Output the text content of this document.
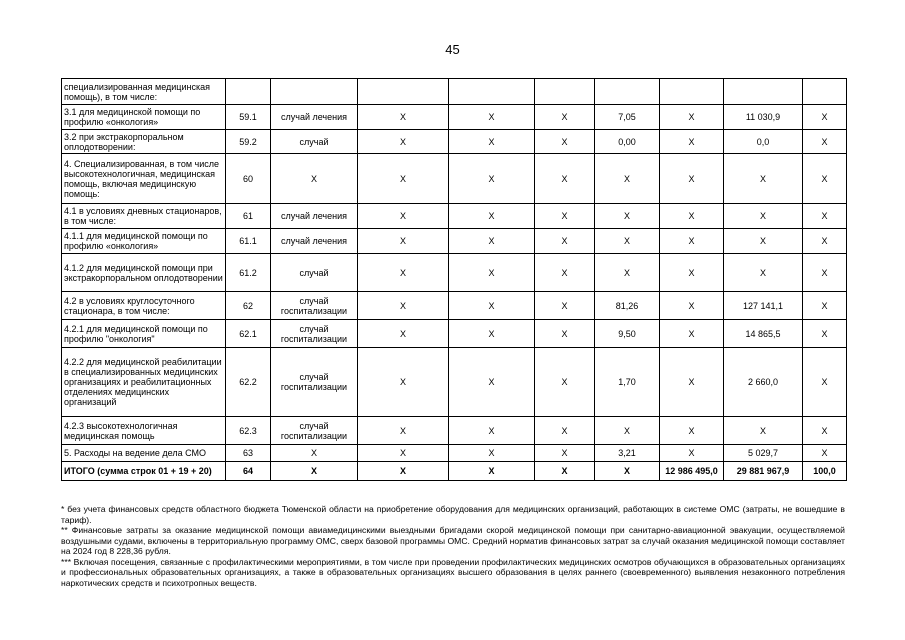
45
специализированная медицинская помощь), в том числе:									
3.1 для медицинской помощи по профилю «онкология»	59.1	случай лечения	Х	Х	Х	7,05	Х	11 030,9	Х
3.2 при экстракорпоральном оплодотворении:	59.2	случай	Х	Х	Х	0,00	Х	0,0	Х
4. Специализированная, в том числе высокотехнологичная, медицинская помощь, включая медицинскую помощь:	60	Х	Х	Х	Х	Х	Х	Х	Х
4.1 в условиях дневных стационаров, в том числе:	61	случай лечения	Х	Х	Х	Х	Х	Х	Х
4.1.1 для медицинской помощи по профилю «онкология»	61.1	случай лечения	Х	Х	Х	Х	Х	Х	Х
4.1.2 для медицинской помощи при экстракорпоральном оплодотворении	61.2	случай	Х	Х	Х	Х	Х	Х	Х
4.2 в условиях круглосуточного стационара, в том числе:	62	случай госпитализации	Х	Х	Х	81,26	Х	127 141,1	Х
4.2.1 для медицинской помощи по профилю "онкология"	62.1	случай госпитализации	Х	Х	Х	9,50	Х	14 865,5	Х
4.2.2 для медицинской реабилитации в специализированных медицинских организациях и реабилитационных отделениях медицинских организаций	62.2	случай госпитализации	Х	Х	Х	1,70	Х	2 660,0	Х
4.2.3 высокотехнологичная медицинская помощь	62.3	случай госпитализации	Х	Х	Х	Х	Х	Х	Х
5. Расходы на ведение дела СМО	63	Х	Х	Х	Х	3,21	Х	5 029,7	Х
ИТОГО (сумма строк 01 + 19 + 20)	64	Х	Х	Х	Х	Х	12 986 495,0	29 881 967,9	100,0

* без учета финансовых средств областного бюджета Тюменской области на приобретение оборудования для медицинских организаций, работающих в системе ОМС (затраты, не вошедшие в тариф).

** Финансовые затраты за оказание медицинской помощи авиамедицинскими выездными бригадами скорой медицинской помощи при санитарно-авиационной эвакуации, осуществляемой воздушными судами, включены в территориальную программу ОМС, сверх базовой программы ОМС. Средний норматив финансовых затрат за случай оказания медицинской помощи составляет на 2024 год 8 228,36 рубля.

*** Включая посещения, связанные с профилактическими мероприятиями, в том числе при проведении профилактических медицинских осмотров обучающихся в образовательных организациях и профессиональных образовательных организациях, а также в образовательных организациях высшего образования в целях раннего (своевременного) выявления незаконного потребления наркотических средств и психотропных веществ.
